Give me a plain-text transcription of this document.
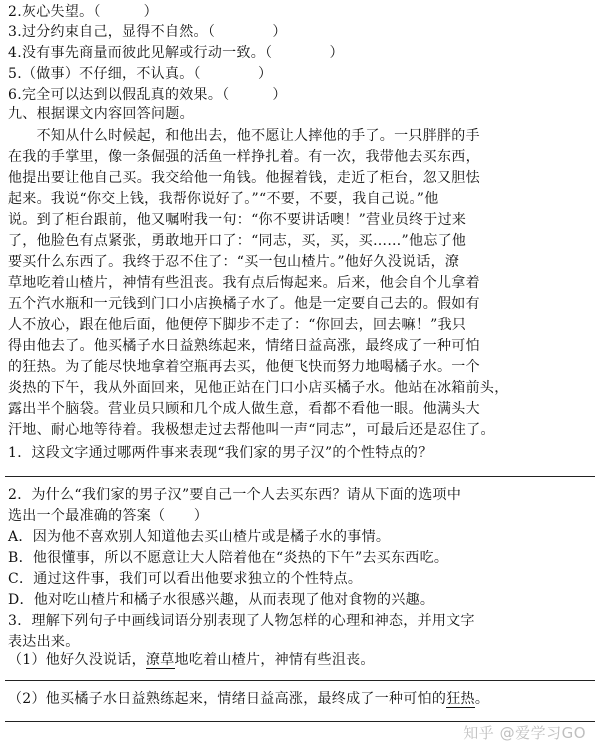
2.灰心失望。（　　　）
3.过分约束自己，显得不自然。（　　　　）
4.没有事先商量而彼此见解或行动一致。（　　　　）
5.（做事）不仔细，不认真。（　　　　）
6.完全可以达到以假乱真的效果。（　　　）
九、根据课文内容回答问题。
　　不知从什么时候起，和他出去，他不愿让人摔他的手了。一只胖胖的手
在我的手掌里，像一条倔强的活鱼一样挣扎着。有一次，我带他去买东西，
他提出要让他自己买。我交给他一角钱。他握着钱，走近了柜台，忽又胆怯
起来。我说“你交上钱，我帮你说好了。”“不要，不要，我自己说。”他
说。到了柜台跟前，他又嘱咐我一句：“你不要讲话噢！”营业员终于过来
了，他脸色有点紧张，勇敢地开口了：“同志，买，买，买……”他忘了他
要买什么东西了。我终于忍不住了：“买一包山楂片。”他好久没说话，潦
草地吃着山楂片，神情有些沮丧。我有点后悔起来。后来，他会自个儿拿着
五个汽水瓶和一元钱到门口小店换橘子水了。他是一定要自己去的。假如有
人不放心，跟在他后面，他便停下脚步不走了：“你回去，回去嘛！”我只
得由他去了。他买橘子水日益熟练起来，情绪日益高涨，最终成了一种可怕
的狂热。为了能尽快地拿着空瓶再去买，他便飞快而努力地喝橘子水。一个
炎热的下午，我从外面回来，见他正站在门口小店买橘子水。他站在冰箱前头，
露出半个脑袋。营业员只顾和几个成人做生意，看都不看他一眼。他满头大
汗地、耐心地等待着。我极想走过去帮他叫一声“同志”，可最后还是忍住了。
1．这段文字通过哪两件事来表现“我们家的男子汉”的个性特点的？
2．为什么“我们家的男子汉”要自己一个人去买东西？请从下面的选项中
选出一个最准确的答案（　　）
A．因为他不喜欢别人知道他去买山楂片或是橘子水的事情。
B．他很懂事，所以不愿意让大人陪着他在“炎热的下午”去买东西吃。
C．通过这件事，我们可以看出他要求独立的个性特点。
D．他对吃山楂片和橘子水很感兴趣，从而表现了他对食物的兴趣。
3．理解下列句子中画线词语分别表现了人物怎样的心理和神态，并用文字
表达出来。
（1）他好久没说话，潦草地吃着山楂片，神情有些沮丧。
（2）他买橘子水日益熟练起来，情绪日益高涨，最终成了一种可怕的狂热。
知乎 @爱学习GO
